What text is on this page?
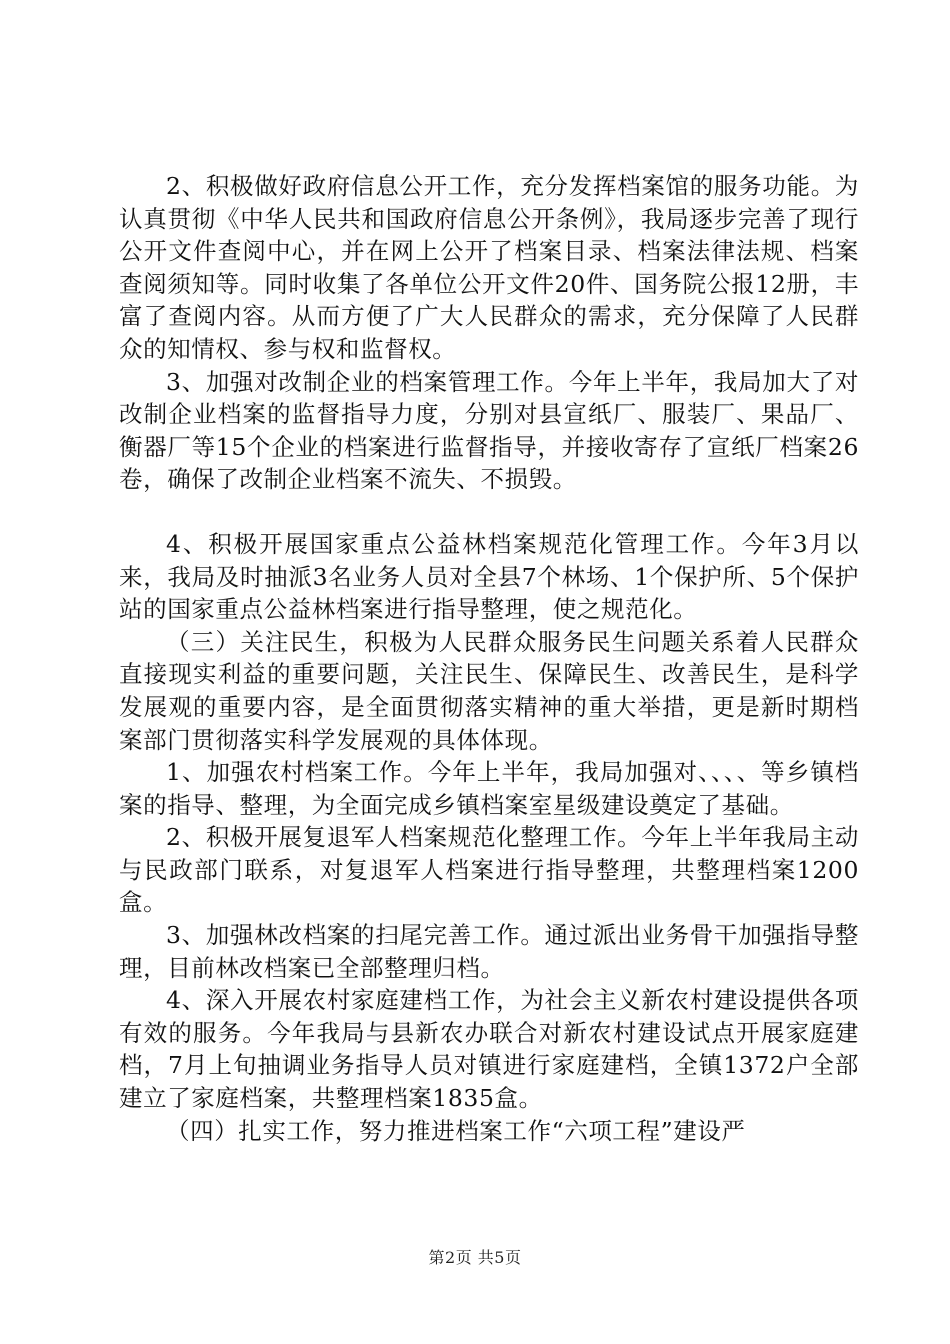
2、积极做好政府信息公开工作，充分发挥档案馆的服务功能。为认真贯彻《中华人民共和国政府信息公开条例》，我局逐步完善了现行公开文件查阅中心，并在网上公开了档案目录、档案法律法规、档案查阅须知等。同时收集了各单位公开文件20件、国务院公报12册，丰富了查阅内容。从而方便了广大人民群众的需求，充分保障了人民群众的知情权、参与权和监督权。

3、加强对改制企业的档案管理工作。今年上半年，我局加大了对改制企业档案的监督指导力度，分别对县宣纸厂、服装厂、果品厂、衡器厂等15个企业的档案进行监督指导，并接收寄存了宣纸厂档案26卷，确保了改制企业档案不流失、不损毁。

4、积极开展国家重点公益林档案规范化管理工作。今年3月以来，我局及时抽派3名业务人员对全县7个林场、1个保护所、5个保护站的国家重点公益林档案进行指导整理，使之规范化。

（三）关注民生，积极为人民群众服务民生问题关系着人民群众直接现实利益的重要问题，关注民生、保障民生、改善民生，是科学发展观的重要内容，是全面贯彻落实精神的重大举措，更是新时期档案部门贯彻落实科学发展观的具体体现。

1、加强农村档案工作。今年上半年，我局加强对、、、、等乡镇档案的指导、整理，为全面完成乡镇档案室星级建设奠定了基础。

2、积极开展复退军人档案规范化整理工作。今年上半年我局主动与民政部门联系，对复退军人档案进行指导整理，共整理档案1200盒。

3、加强林改档案的扫尾完善工作。通过派出业务骨干加强指导整理，目前林改档案已全部整理归档。

4、深入开展农村家庭建档工作，为社会主义新农村建设提供各项有效的服务。今年我局与县新农办联合对新农村建设试点开展家庭建档，7月上旬抽调业务指导人员对镇进行家庭建档，全镇1372户全部建立了家庭档案，共整理档案1835盒。

（四）扎实工作，努力推进档案工作“六项工程”建设严

第2页 共5页
